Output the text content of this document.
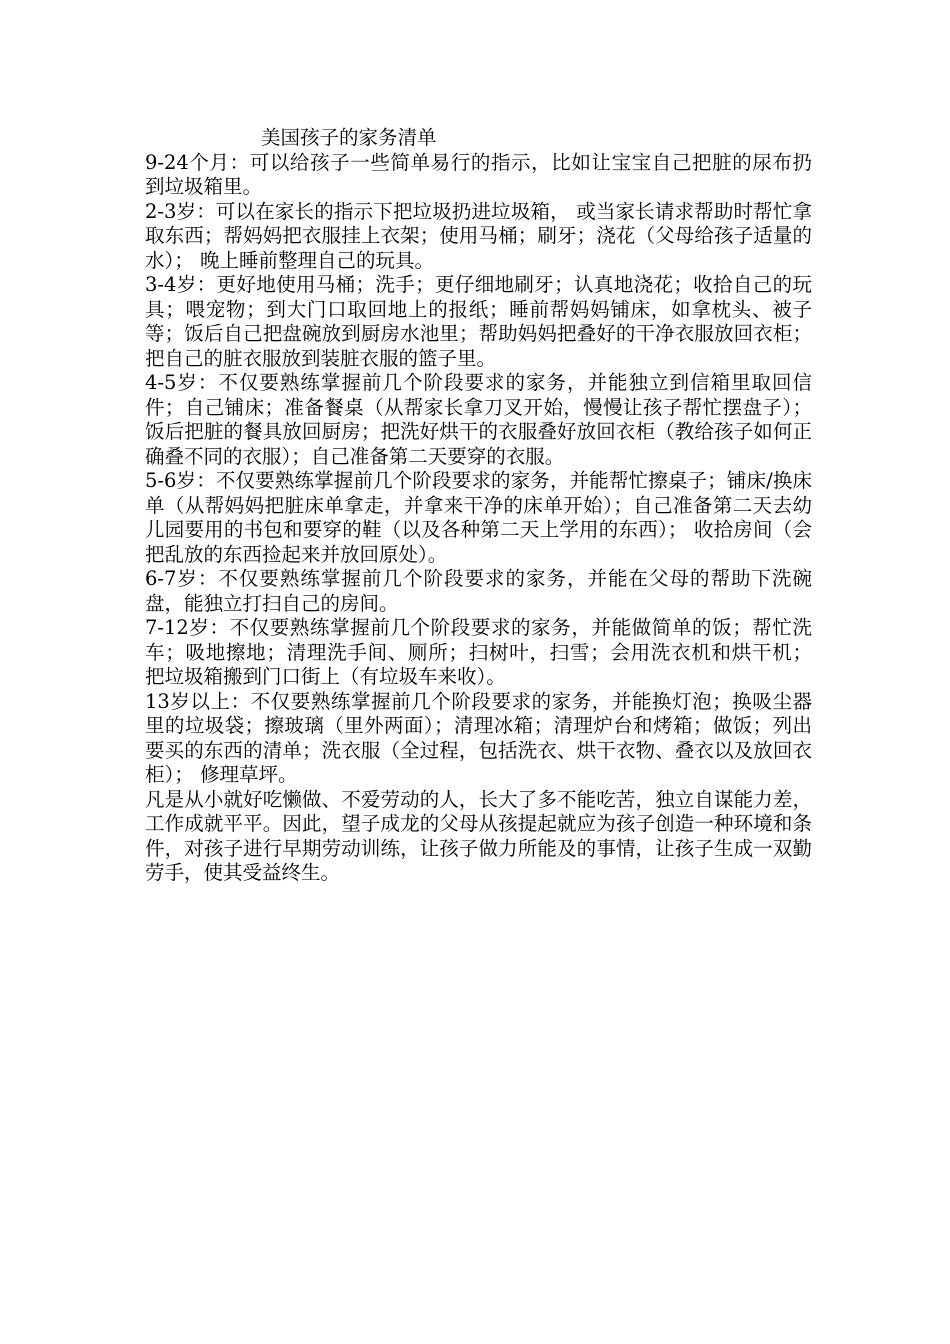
美国孩子的家务清单

9-24个月：可以给孩子一些简单易行的指示，比如让宝宝自己把脏的尿布扔到垃圾箱里。

2-3岁：可以在家长的指示下把垃圾扔进垃圾箱， 或当家长请求帮助时帮忙拿取东西；帮妈妈把衣服挂上衣架；使用马桶；刷牙；浇花（父母给孩子适量的水）； 晚上睡前整理自己的玩具。

3-4岁：更好地使用马桶；洗手；更仔细地刷牙；认真地浇花；收拾自己的玩具；喂宠物；到大门口取回地上的报纸；睡前帮妈妈铺床，如拿枕头、被子等；饭后自己把盘碗放到厨房水池里；帮助妈妈把叠好的干净衣服放回衣柜；把自己的脏衣服放到装脏衣服的篮子里。

4-5岁：不仅要熟练掌握前几个阶段要求的家务，并能独立到信箱里取回信件；自己铺床；准备餐桌（从帮家长拿刀叉开始，慢慢让孩子帮忙摆盘子）；饭后把脏的餐具放回厨房；把洗好烘干的衣服叠好放回衣柜（教给孩子如何正确叠不同的衣服）；自己准备第二天要穿的衣服。

5-6岁：不仅要熟练掌握前几个阶段要求的家务，并能帮忙擦桌子；铺床/换床单（从帮妈妈把脏床单拿走，并拿来干净的床单开始）；自己准备第二天去幼儿园要用的书包和要穿的鞋（以及各种第二天上学用的东西）； 收拾房间（会把乱放的东西捡起来并放回原处）。

6-7岁：不仅要熟练掌握前几个阶段要求的家务，并能在父母的帮助下洗碗盘，能独立打扫自己的房间。

7-12岁：不仅要熟练掌握前几个阶段要求的家务，并能做简单的饭；帮忙洗车；吸地擦地；清理洗手间、厕所；扫树叶，扫雪；会用洗衣机和烘干机； 把垃圾箱搬到门口街上（有垃圾车来收）。

13岁以上：不仅要熟练掌握前几个阶段要求的家务，并能换灯泡；换吸尘器里的垃圾袋；擦玻璃（里外两面）；清理冰箱；清理炉台和烤箱；做饭；列出要买的东西的清单；洗衣服（全过程，包括洗衣、烘干衣物、叠衣以及放回衣柜）； 修理草坪。

凡是从小就好吃懒做、不爱劳动的人，长大了多不能吃苦，独立自谋能力差，工作成就平平。因此，望子成龙的父母从孩提起就应为孩子创造一种环境和条件，对孩子进行早期劳动训练，让孩子做力所能及的事情，让孩子生成一双勤劳手，使其受益终生。
